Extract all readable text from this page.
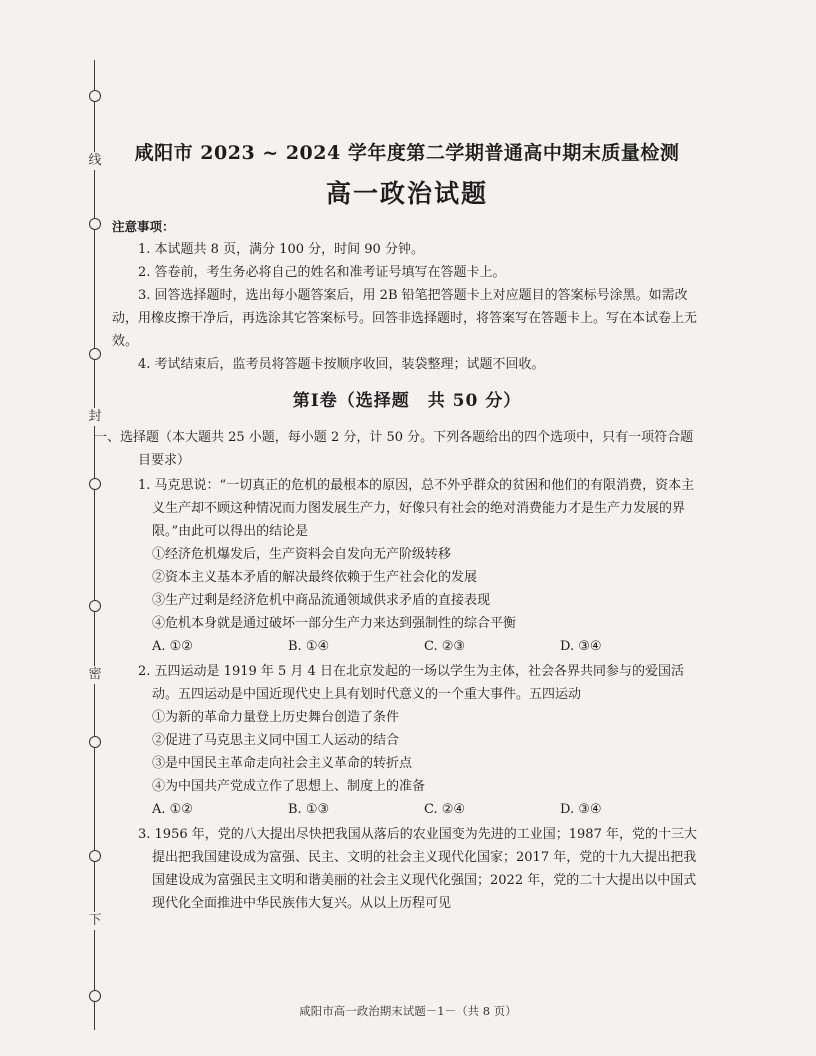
线
封
密
下
咸阳市 2023 ~ 2024 学年度第二学期普通高中期末质量检测
高一政治试题
注意事项：
1. 本试题共 8 页，满分 100 分，时间 90 分钟。
2. 答卷前，考生务必将自己的姓名和准考证号填写在答题卡上。
3. 回答选择题时，选出每小题答案后，用 2B 铅笔把答题卡上对应题目的答案标号涂黑。如需改动，用橡皮擦干净后，再选涂其它答案标号。回答非选择题时，将答案写在答题卡上。写在本试卷上无效。
4. 考试结束后，监考员将答题卡按顺序收回，装袋整理；试题不回收。
第Ⅰ卷（选择题　共 50 分）
一、选择题（本大题共 25 小题，每小题 2 分，计 50 分。下列各题给出的四个选项中，只有一项符合题目要求）
1. 马克思说：“一切真正的危机的最根本的原因，总不外乎群众的贫困和他们的有限消费，资本主义生产却不顾这种情况而力图发展生产力，好像只有社会的绝对消费能力才是生产力发展的界限。”由此可以得出的结论是
①经济危机爆发后，生产资料会自发向无产阶级转移
②资本主义基本矛盾的解决最终依赖于生产社会化的发展
③生产过剩是经济危机中商品流通领域供求矛盾的直接表现
④危机本身就是通过破坏一部分生产力来达到强制性的综合平衡
A. ①②	B. ①④	C. ②③	D. ③④
2. 五四运动是 1919 年 5 月 4 日在北京发起的一场以学生为主体，社会各界共同参与的爱国活动。五四运动是中国近现代史上具有划时代意义的一个重大事件。五四运动
①为新的革命力量登上历史舞台创造了条件
②促进了马克思主义同中国工人运动的结合
③是中国民主革命走向社会主义革命的转折点
④为中国共产党成立作了思想上、制度上的准备
A. ①②	B. ①③	C. ②④	D. ③④
3. 1956 年，党的八大提出尽快把我国从落后的农业国变为先进的工业国；1987 年，党的十三大提出把我国建设成为富强、民主、文明的社会主义现代化国家；2017 年，党的十九大提出把我国建设成为富强民主文明和谐美丽的社会主义现代化强国；2022 年，党的二十大提出以中国式现代化全面推进中华民族伟大复兴。从以上历程可见
咸阳市高一政治期末试题－1－（共 8 页）
